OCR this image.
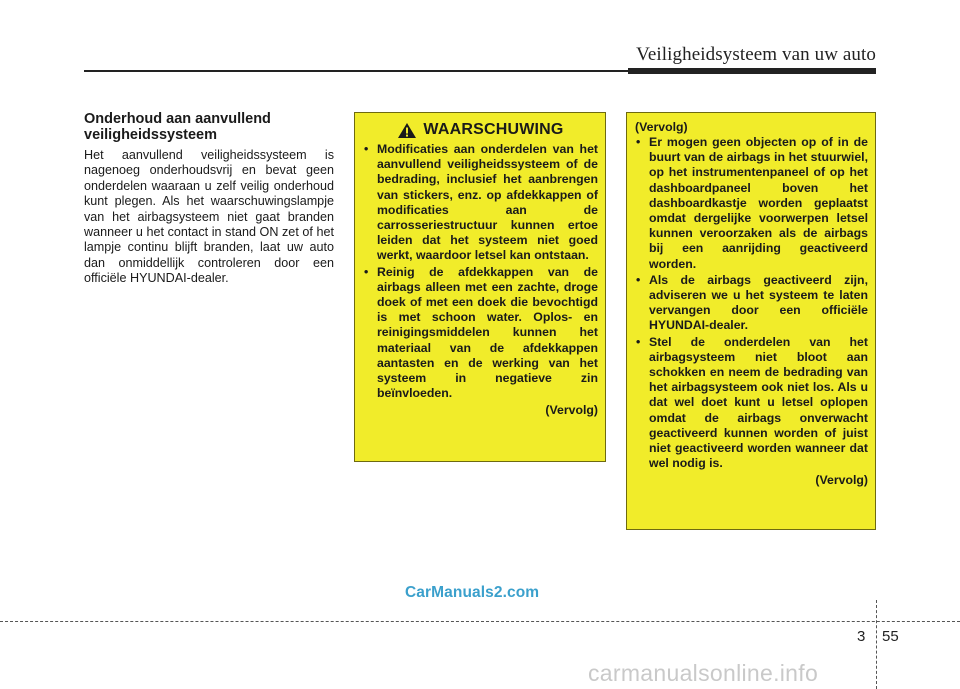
Veiligheidsysteem van uw auto
Onderhoud aan aanvullend veiligheidssysteem
Het aanvullend veiligheidssysteem is nagenoeg onderhoudsvrij en bevat geen onderdelen waaraan u zelf veilig onderhoud kunt plegen. Als het waarschuwingslampje van het airbagsysteem niet gaat branden wanneer u het contact in stand ON zet of het lampje continu blijft branden, laat uw auto dan onmiddellijk controleren door een officiële HYUNDAI-dealer.
WAARSCHUWING
• Modificaties aan onderdelen van het aanvullend veiligheidssysteem of de bedrading, inclusief het aanbrengen van stickers, enz. op afdekkappen of modificaties aan de carrosseriestructuur kunnen ertoe leiden dat het systeem niet goed werkt, waardoor letsel kan ontstaan.
• Reinig de afdekkappen van de airbags alleen met een zachte, droge doek of met een doek die bevochtigd is met schoon water. Oplos- en reinigingsmiddelen kunnen het materiaal van de afdekkappen aantasten en de werking van het systeem in negatieve zin beïnvloeden.
(Vervolg)
(Vervolg)
• Er mogen geen objecten op of in de buurt van de airbags in het stuurwiel, op het instrumentenpaneel of op het dashboardpaneel boven het dashboardkastje worden geplaatst omdat dergelijke voorwerpen letsel kunnen veroorzaken als de airbags bij een aanrijding geactiveerd worden.
• Als de airbags geactiveerd zijn, adviseren we u het systeem te laten vervangen door een officiële HYUNDAI-dealer.
• Stel de onderdelen van het airbagsysteem niet bloot aan schokken en neem de bedrading van het airbagsysteem ook niet los. Als u dat wel doet kunt u letsel oplopen omdat de airbags onverwacht geactiveerd kunnen worden of juist niet geactiveerd worden wanneer dat wel nodig is.
(Vervolg)
CarManuals2.com
3 55
carmanualsonline.info
